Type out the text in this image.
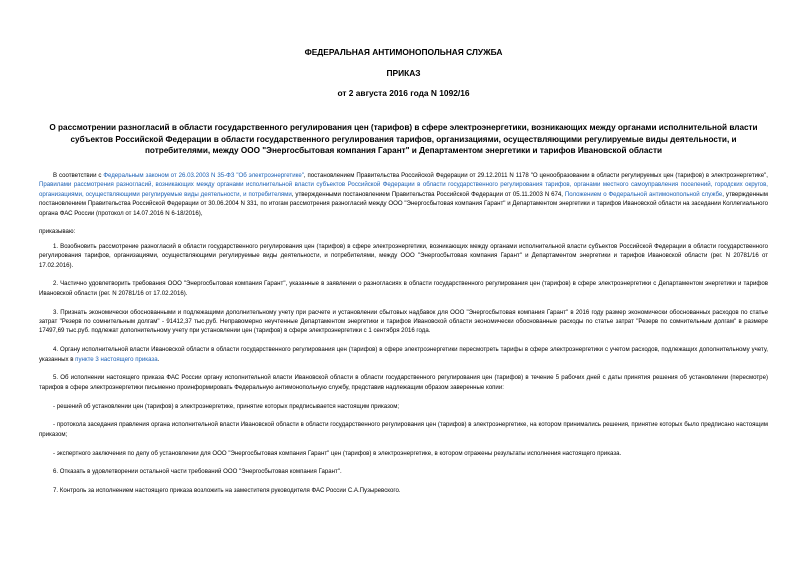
ФЕДЕРАЛЬНАЯ АНТИМОНОПОЛЬНАЯ СЛУЖБА
ПРИКАЗ
от 2 августа 2016 года N 1092/16
О рассмотрении разногласий в области государственного регулирования цен (тарифов) в сфере электроэнергетики, возникающих между органами исполнительной власти субъектов Российской Федерации в области государственного регулирования тарифов, организациями, осуществляющими регулируемые виды деятельности, и потребителями, между ООО "Энергосбытовая компания Гарант" и Департаментом энергетики и тарифов Ивановской области

В соответствии с Федеральным законом от 26.03.2003 N 35-ФЗ "Об электроэнергетике", постановлением Правительства Российской Федерации от 29.12.2011 N 1178 "О ценообразовании в области регулируемых цен (тарифов) в электроэнергетике", Правилами рассмотрения разногласий, возникающих между органами исполнительной власти субъектов Российской Федерации в области государственного регулирования тарифов, органами местного самоуправления поселений, городских округов, организациями, осуществляющими регулируемые виды деятельности, и потребителями, утвержденными постановлением Правительства Российской Федерации от 05.11.2003 N 674, Положением о Федеральной антимонопольной службе, утвержденным постановлением Правительства Российской Федерации от 30.06.2004 N 331, по итогам рассмотрения разногласий между ООО "Энергосбытовая компания Гарант" и Департаментом энергетики и тарифов Ивановской области на заседании Коллегиального органа ФАС России (протокол от 14.07.2016 N 6-18/2016),

приказываю:

1. Возобновить рассмотрение разногласий в области государственного регулирования цен (тарифов) в сфере электроэнергетики, возникающих между органами исполнительной власти субъектов Российской Федерации в области государственного регулирования тарифов, организациями, осуществляющими регулируемые виды деятельности, и потребителями, между ООО "Энергосбытовая компания Гарант" и Департаментом энергетики и тарифов Ивановской области (рег. N 20781/16 от 17.02.2016).

2. Частично удовлетворить требования ООО "Энергосбытовая компания Гарант", указанные в заявлении о разногласиях в области государственного регулирования цен (тарифов) в сфере электроэнергетики с Департаментом энергетики и тарифов Ивановской области (рег. N 20781/16 от 17.02.2016).

3. Признать экономически обоснованными и подлежащими дополнительному учету при расчете и установлении сбытовых надбавок для ООО "Энергосбытовая компания Гарант" в 2016 году размер экономически обоснованных расходов по статье затрат "Резерв по сомнительным долгам" - 91412,37 тыс.руб. Неправомерно неучтенные Департаментом энергетики и тарифов Ивановской области экономически обоснованные расходы по статье затрат "Резерв по сомнительным долгам" в размере 17497,69 тыс.руб. подлежат дополнительному учету при установлении цен (тарифов) в сфере электроэнергетики с 1 сентября 2016 года.

4. Органу исполнительной власти Ивановской области в области государственного регулирования цен (тарифов) в сфере электроэнергетики пересмотреть тарифы в сфере электроэнергетики с учетом расходов, подлежащих дополнительному учету, указанных в пункте 3 настоящего приказа.

5. Об исполнении настоящего приказа ФАС России органу исполнительной власти Ивановской области в области государственного регулирования цен (тарифов) в течение 5 рабочих дней с даты принятия решения об установлении (пересмотре) тарифов в сфере электроэнергетики письменно проинформировать Федеральную антимонопольную службу, представив надлежащим образом заверенные копии:

- решений об установлении цен (тарифов) в электроэнергетике, принятие которых предписывается настоящим приказом;

- протокола заседания правления органа исполнительной власти Ивановской области в области государственного регулирования цен (тарифов) в электроэнергетике, на котором принимались решения, принятие которых было предписано настоящим приказом;

- экспертного заключения по делу об установлении для ООО "Энергосбытовая компания Гарант" цен (тарифов) в электроэнергетике, в котором отражены результаты исполнения настоящего приказа.

6. Отказать в удовлетворении остальной части требований ООО "Энергосбытовая компания Гарант".

7. Контроль за исполнением настоящего приказа возложить на заместителя руководителя ФАС России С.А.Пузыревского.
